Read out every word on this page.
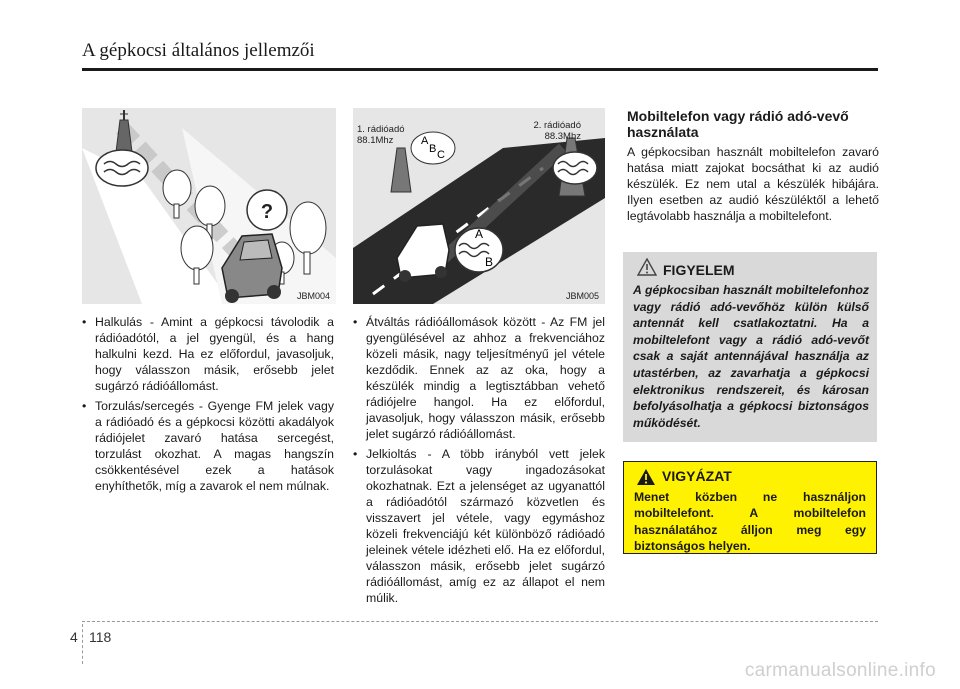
A gépkocsi általános jellemzői
?
JBM004
A
B C
A
B
1. rádióadó
88.1Mhz
2. rádióadó
88.3Mhz
JBM005
• Halkulás - Amint a gépkocsi távolodik a rádióadótól, a jel gyengül, és a hang halkulni kezd. Ha ez előfordul, javasoljuk, hogy válasszon másik, erősebb jelet sugárzó rádióállomást.
• Torzulás/sercegés - Gyenge FM jelek vagy a rádióadó és a gépkocsi közötti akadályok rádiójelet zavaró hatása sercegést, torzulást okozhat. A magas hangszín csökkentésével ezek a hatások enyhíthetők, míg a zavarok el nem múlnak.
• Átváltás rádióállomások között - Az FM jel gyengülésével az ahhoz a frekvenciához közeli másik, nagy teljesítményű jel vétele kezdődik. Ennek az az oka, hogy a készülék mindig a legtisztábban vehető rádiójelre hangol. Ha ez előfordul, javasoljuk, hogy válasszon másik, erősebb jelet sugárzó rádióállomást.
• Jelkioltás - A több irányból vett jelek torzulásokat vagy ingadozásokat okozhatnak. Ezt a jelenséget az ugyanattól a rádióadótól származó közvetlen és visszavert jel vétele, vagy egymáshoz közeli frekvenciájú két különböző rádióadó jeleinek vétele idézheti elő. Ha ez előfordul, válasszon másik, erősebb jelet sugárzó rádióállomást, amíg ez az állapot el nem múlik.
Mobiltelefon vagy rádió adó-vevő használata
A gépkocsiban használt mobiltelefon zavaró hatása miatt zajokat bocsáthat ki az audió készülék. Ez nem utal a készülék hibájára. Ilyen esetben az audió készüléktől a lehető legtávolabb használja a mobiltelefont.
FIGYELEM
A gépkocsiban használt mobiltelefonhoz vagy rádió adó-vevőhöz külön külső antennát kell csatlakoztatni. Ha a mobiltelefont vagy a rádió adó-vevőt csak a saját antennájával használja az utastérben, az zavarhatja a gépkocsi elektronikus rendszereit, és károsan befolyásolhatja a gépkocsi biztonságos működését.
VIGYÁZAT
Menet közben ne használjon mobiltelefont. A mobiltelefon használatához álljon meg egy biztonságos helyen.
4 118
carmanualsonline.info
